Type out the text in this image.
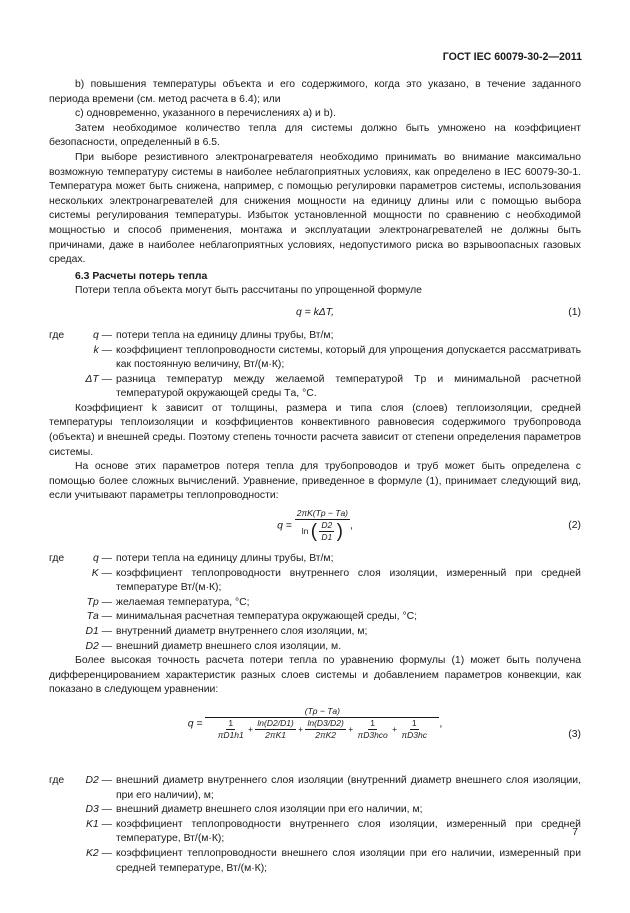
ГОСТ IEC 60079-30-2—2011

b) повышения температуры объекта и его содержимого, когда это указано, в течение заданного периода времени (см. метод расчета в 6.4); или

c) одновременно, указанного в перечислениях a) и b).

Затем необходимое количество тепла для системы должно быть умножено на коэффициент безопасности, определенный в 6.5.

При выборе резистивного электронагревателя необходимо принимать во внимание максимально возможную температуру системы в наиболее неблагоприятных условиях, как определено в IEC 60079-30-1. Температура может быть снижена, например, с помощью регулировки параметров системы, использования нескольких электронагревателей для снижения мощности на единицу длины или с помощью выбора системы регулирования температуры. Избыток установленной мощности по сравнению с необходимой мощностью и способ применения, монтажа и эксплуатации электронагревателей не должны быть причинами, даже в наиболее неблагоприятных условиях, недопустимого риска во взрывоопасных газовых средах.

6.3 Расчеты потерь тепла

Потери тепла объекта могут быть рассчитаны по упрощенной формуле

q = kΔT,	(1)
где	q — потери тепла на единицу длины трубы, Вт/м;
k — коэффициент теплопроводности системы, который для упрощения допускается рассматривать как постоянную величину, Вт/(м·К);
ΔT — разница температур между желаемой температурой Tр и минимальной расчетной температурой окружающей среды Tа, °С.

Коэффициент k зависит от толщины, размера и типа слоя (слоев) теплоизоляции, средней температуры теплоизоляции и коэффициентов конвективного равновесия содержимого трубопровода (объекта) и внешней среды. Поэтому степень точности расчета зависит от степени определения параметров системы.

На основе этих параметров потеря тепла для трубопроводов и труб может быть определена с помощью более сложных вычислений. Уравнение, приведенное в формуле (1), принимает следующий вид, если учитывают параметры теплопроводности:

q =
2πK(Tр − Tа)
ln ( $\frac{D2}{D1}$ ) ,	(2)
где	q — потери тепла на единицу длины трубы, Вт/м;
K — коэффициент теплопроводности внутреннего слоя изоляции, измеренный при средней температуре Вт/(м·К);
Tр — желаемая температура, °С;
Tа — минимальная расчетная температура окружающей среды, °С;
D1 — внутренний диаметр внутреннего слоя изоляции, м;
D2 — внешний диаметр внешнего слоя изоляции, м.

Более высокая точность расчета потери тепла по уравнению формулы (1) может быть получена дифференцированием характеристик разных слоев системы и добавлением параметров конвекции, как показано в следующем уравнении:

q =
(Tр − Tа)
$\frac{1}{\pi D1h1} + \frac{\ln(D2/D1)}{2\pi K1} + \frac{\ln(D3/D2)}{2\pi K2} + \frac{1}{\text{πD3hco}} + \frac{1}{\pi D3hc}$ ,
(3)
где	D2 — внешний диаметр внутреннего слоя изоляции (внутренний диаметр внешнего слоя изоляции, при его наличии), м;
D3 — внешний диаметр внешнего слоя изоляции при его наличии, м;
K1 — коэффициент теплопроводности внутреннего слоя изоляции, измеренный при средней температуре, Вт/(м·К);
K2 — коэффициент теплопроводности внешнего слоя изоляции при его наличии, измеренный при средней температуре, Вт/(м·К);
7
